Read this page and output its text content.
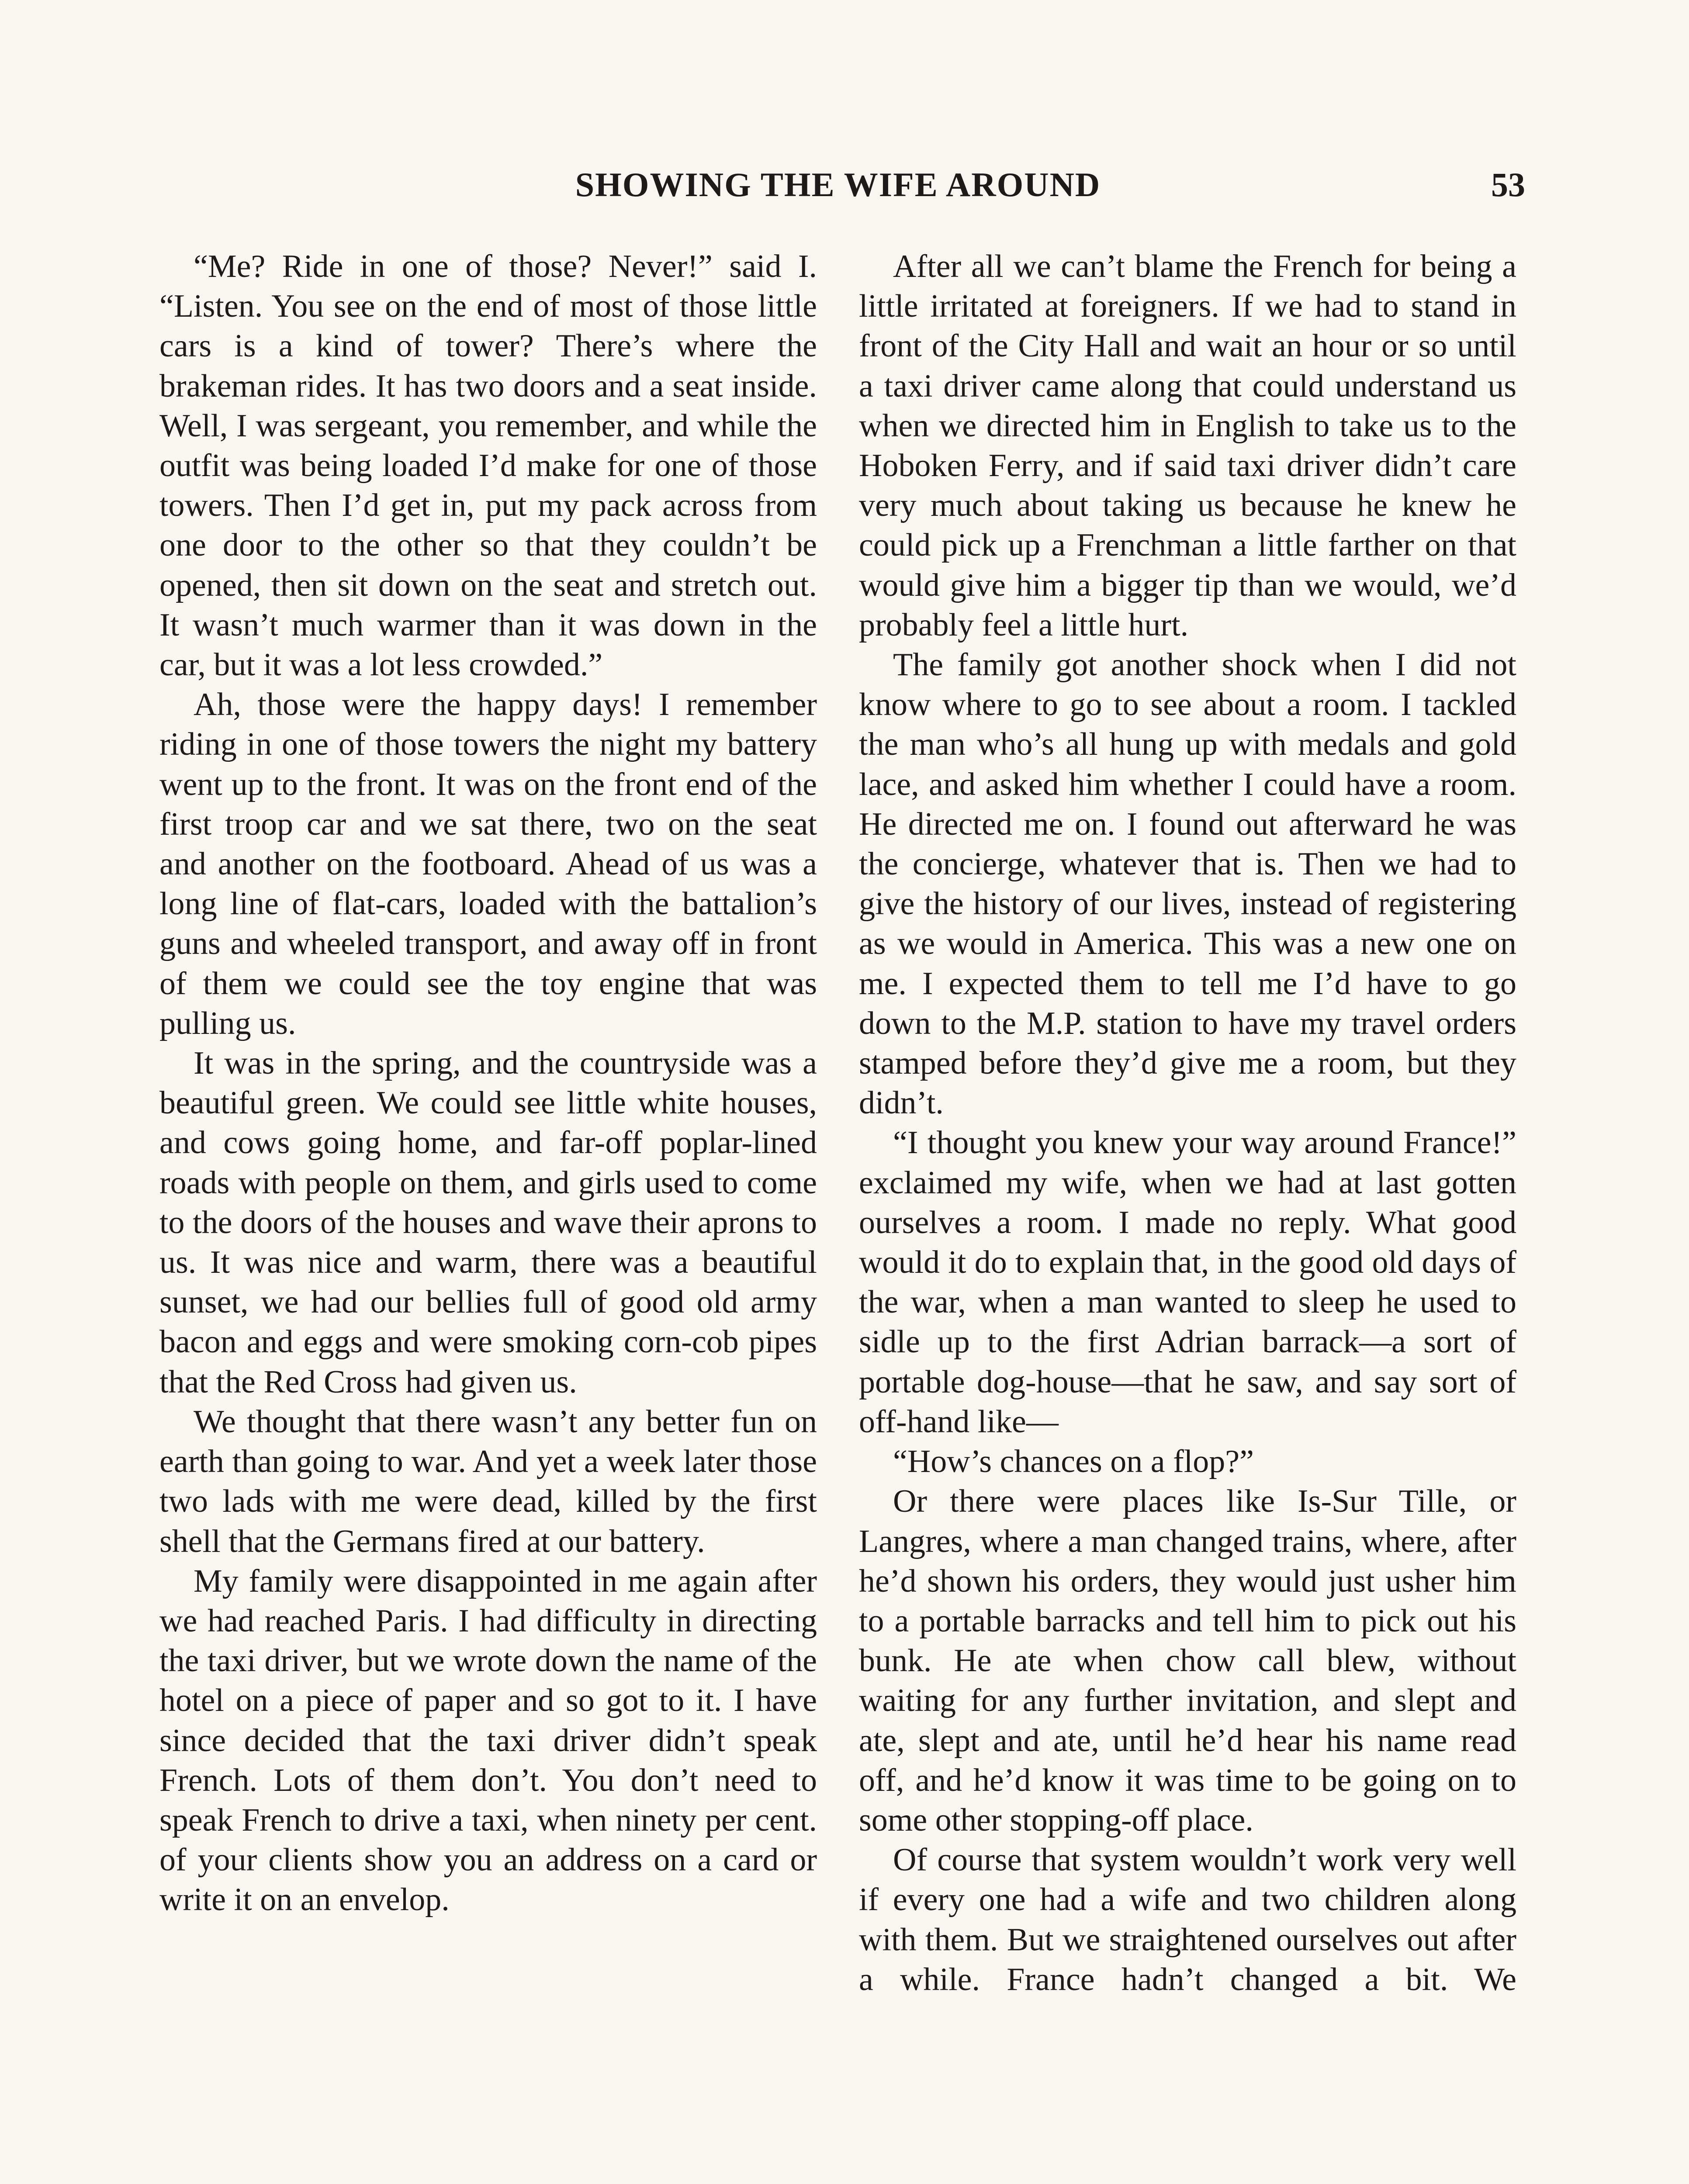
SHOWING THE WIFE AROUND	53

“Me? Ride in one of those? Never!” said I. “Listen. You see on the end of most of those little cars is a kind of tower? There’s where the brakeman rides. It has two doors and a seat inside. Well, I was sergeant, you remember, and while the outfit was being loaded I’d make for one of those towers. Then I’d get in, put my pack across from one door to the other so that they couldn’t be opened, then sit down on the seat and stretch out. It wasn’t much warmer than it was down in the car, but it was a lot less crowded.”

Ah, those were the happy days! I remember riding in one of those towers the night my battery went up to the front. It was on the front end of the first troop car and we sat there, two on the seat and another on the footboard. Ahead of us was a long line of flat-cars, loaded with the battalion’s guns and wheeled transport, and away off in front of them we could see the toy engine that was pulling us.

It was in the spring, and the countryside was a beautiful green. We could see little white houses, and cows going home, and far-off poplar-lined roads with people on them, and girls used to come to the doors of the houses and wave their aprons to us. It was nice and warm, there was a beautiful sunset, we had our bellies full of good old army bacon and eggs and were smoking corn-cob pipes that the Red Cross had given us.

We thought that there wasn’t any better fun on earth than going to war. And yet a week later those two lads with me were dead, killed by the first shell that the Germans fired at our battery.

My family were disappointed in me again after we had reached Paris. I had difficulty in directing the taxi driver, but we wrote down the name of the hotel on a piece of paper and so got to it. I have since decided that the taxi driver didn’t speak French. Lots of them don’t. You don’t need to speak French to drive a taxi, when ninety per cent. of your clients show you an address on a card or write it on an envelop.

After all we can’t blame the French for being a little irritated at foreigners. If we had to stand in front of the City Hall and wait an hour or so until a taxi driver came along that could understand us when we directed him in English to take us to the Hoboken Ferry, and if said taxi driver didn’t care very much about taking us because he knew he could pick up a Frenchman a little farther on that would give him a bigger tip than we would, we’d probably feel a little hurt.

The family got another shock when I did not know where to go to see about a room. I tackled the man who’s all hung up with medals and gold lace, and asked him whether I could have a room. He directed me on. I found out afterward he was the concierge, whatever that is. Then we had to give the history of our lives, instead of registering as we would in America. This was a new one on me. I expected them to tell me I’d have to go down to the M.P. station to have my travel orders stamped before they’d give me a room, but they didn’t.

“I thought you knew your way around France!” exclaimed my wife, when we had at last gotten ourselves a room. I made no reply. What good would it do to explain that, in the good old days of the war, when a man wanted to sleep he used to sidle up to the first Adrian barrack—a sort of portable dog-house—that he saw, and say sort of off-hand like—

“How’s chances on a flop?”

Or there were places like Is-Sur Tille, or Langres, where a man changed trains, where, after he’d shown his orders, they would just usher him to a portable barracks and tell him to pick out his bunk. He ate when chow call blew, without waiting for any further invitation, and slept and ate, slept and ate, until he’d hear his name read off, and he’d know it was time to be going on to some other stopping-off place.

Of course that system wouldn’t work very well if every one had a wife and two children along with them. But we straightened ourselves out after a while. France hadn’t changed a bit. We
